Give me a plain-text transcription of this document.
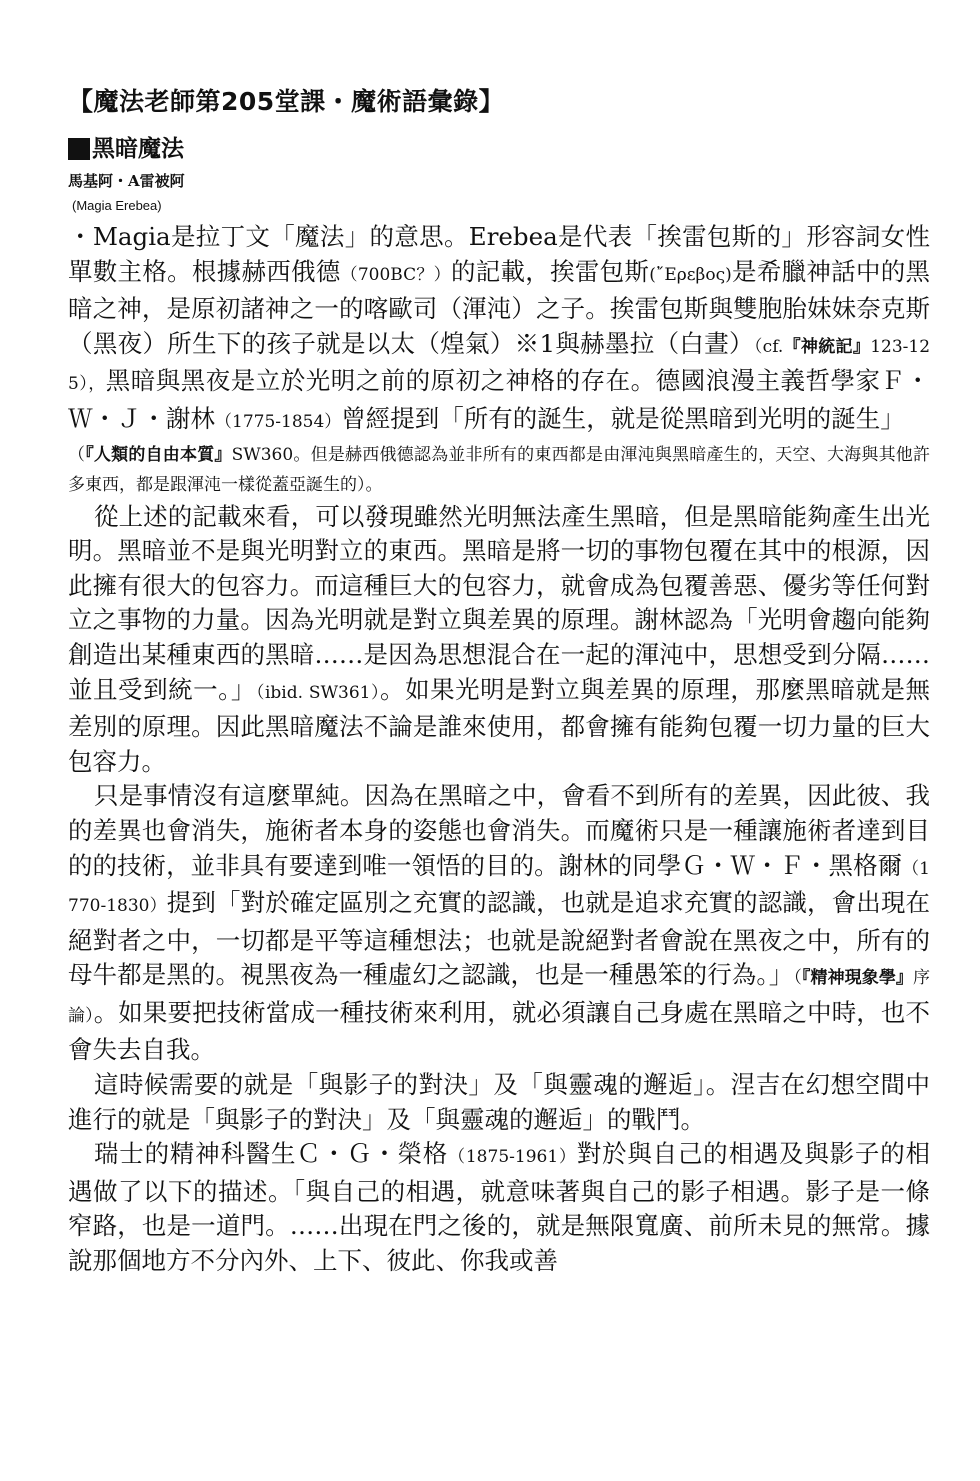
【魔法老師第205堂課・魔術語彙錄】
黑暗魔法

馬基阿・A雷被阿

(Magia Erebea)

・Magia是拉丁文「魔法」的意思。Erebea是代表「挨雷包斯的」形容詞女性單數主格。根據赫西俄德（700BC？）的記載，挨雷包斯(῎Ερεβος)是希臘神話中的黑暗之神，是原初諸神之一的喀歐司（渾沌）之子。挨雷包斯與雙胞胎妹妹奈克斯（黑夜）所生下的孩子就是以太（煌氣）※1與赫墨拉（白晝）（cf.『神統記』123-125），黑暗與黑夜是立於光明之前的原初之神格的存在。德國浪漫主義哲學家Ｆ・Ｗ・Ｊ・謝林（1775-1854）曾經提到「所有的誕生，就是從黑暗到光明的誕生」

（『人類的自由本質』SW360。但是赫西俄德認為並非所有的東西都是由渾沌與黑暗產生的，天空、大海與其他許多東西，都是跟渾沌一樣從蓋亞誕生的）。

從上述的記載來看，可以發現雖然光明無法產生黑暗，但是黑暗能夠產生出光明。黑暗並不是與光明對立的東西。黑暗是將一切的事物包覆在其中的根源，因此擁有很大的包容力。而這種巨大的包容力，就會成為包覆善惡、優劣等任何對立之事物的力量。因為光明就是對立與差異的原理。謝林認為「光明會趨向能夠創造出某種東西的黑暗……是因為思想混合在一起的渾沌中，思想受到分隔……並且受到統一。」（ibid. SW361）。如果光明是對立與差異的原理，那麼黑暗就是無差別的原理。因此黑暗魔法不論是誰來使用，都會擁有能夠包覆一切力量的巨大包容力。

只是事情沒有這麼單純。因為在黑暗之中，會看不到所有的差異，因此彼、我的差異也會消失，施術者本身的姿態也會消失。而魔術只是一種讓施術者達到目的的技術，並非具有要達到唯一領悟的目的。謝林的同學Ｇ・Ｗ・Ｆ・黑格爾（1770-1830）提到「對於確定區別之充實的認識，也就是追求充實的認識，會出現在絕對者之中，一切都是平等這種想法；也就是說絕對者會說在黑夜之中，所有的母牛都是黑的。視黑夜為一種虛幻之認識，也是一種愚笨的行為。」（『精神現象學』序論）。如果要把技術當成一種技術來利用，就必須讓自己身處在黑暗之中時，也不會失去自我。

這時候需要的就是「與影子的對決」及「與靈魂的邂逅」。涅吉在幻想空間中進行的就是「與影子的對決」及「與靈魂的邂逅」的戰鬥。

瑞士的精神科醫生Ｃ・Ｇ・榮格（1875-1961）對於與自己的相遇及與影子的相遇做了以下的描述。「與自己的相遇，就意味著與自己的影子相遇。影子是一條窄路，也是一道門。……出現在門之後的，就是無限寬廣、前所未見的無常。據說那個地方不分內外、上下、彼此、你我或善
